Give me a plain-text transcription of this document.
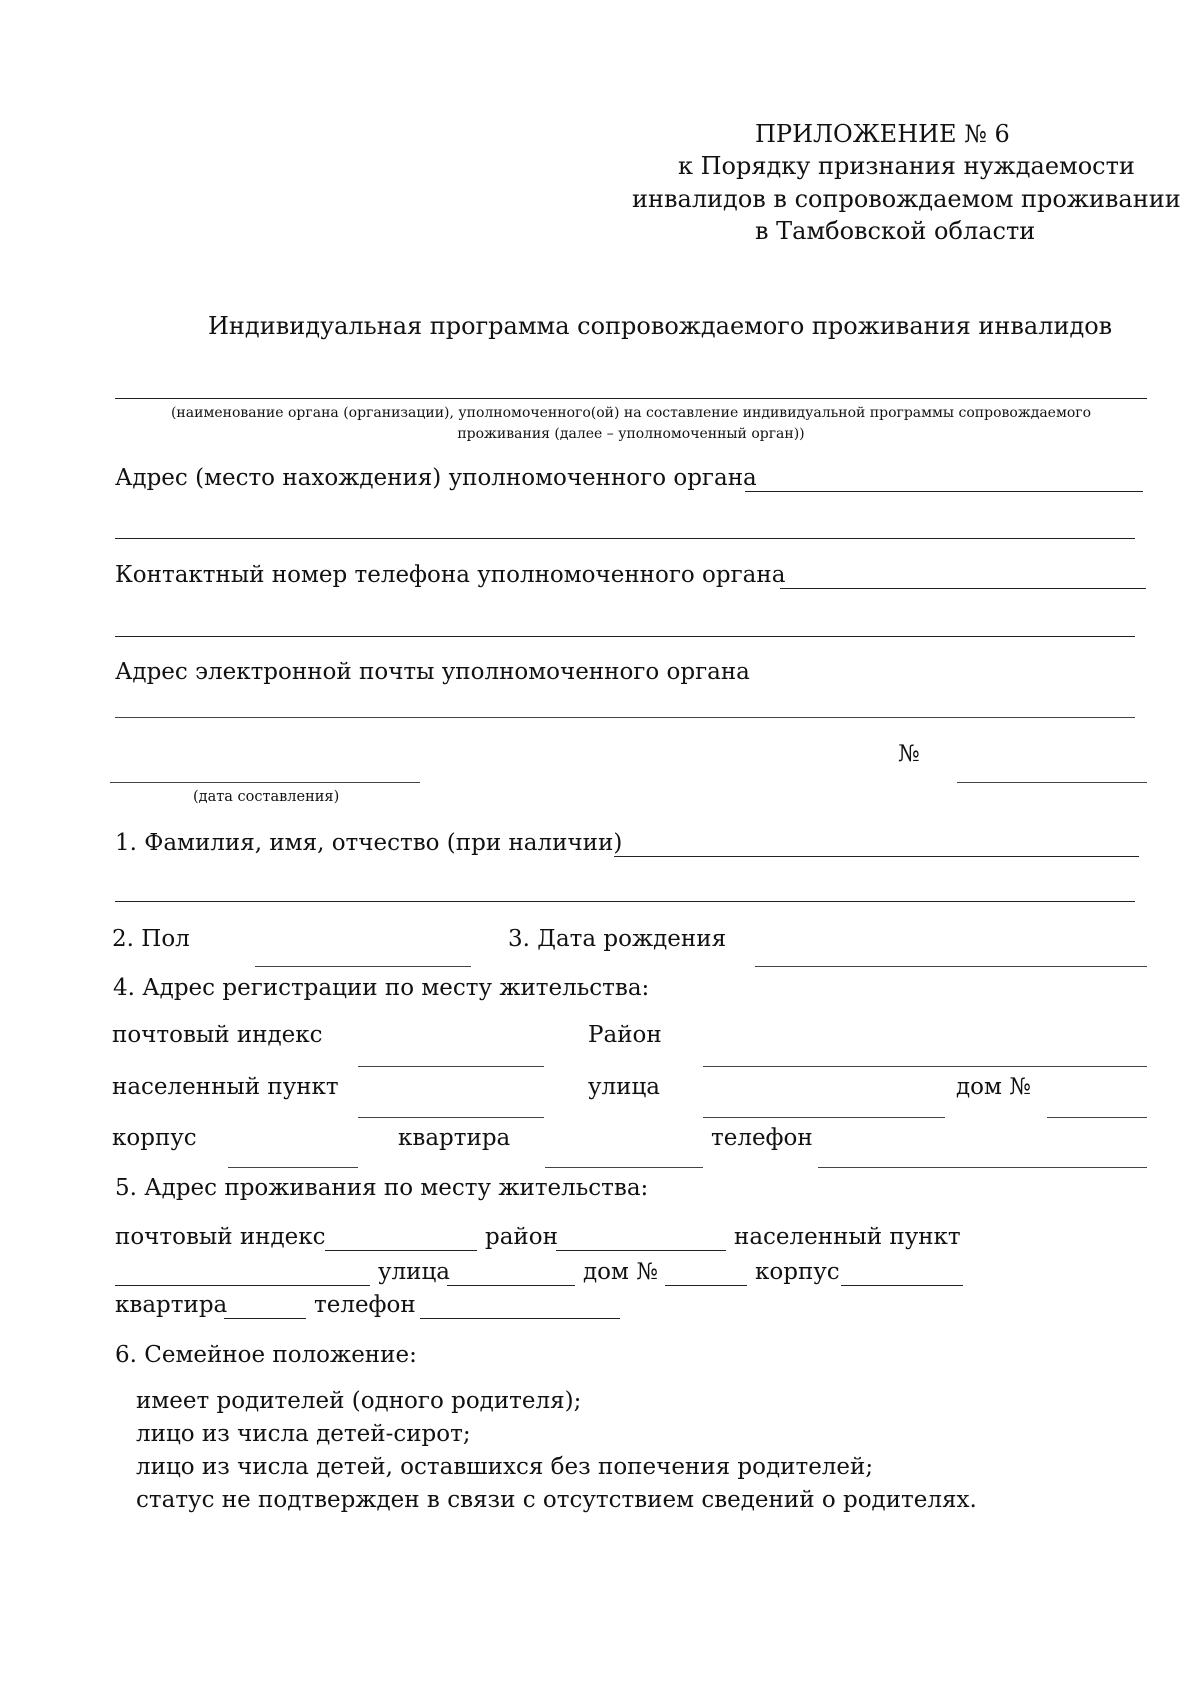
ПРИЛОЖЕНИЕ № 6
к Порядку признания нуждаемости
инвалидов в сопровождаемом проживании
в Тамбовской области
Индивидуальная программа сопровождаемого проживания инвалидов
(наименование органа (организации), уполномоченного(ой) на составление индивидуальной программы сопровождаемого
проживания (далее – уполномоченный орган))
Адрес (место нахождения) уполномоченного органа
Контактный номер телефона уполномоченного органа
Адрес электронной почты уполномоченного органа
№
(дата составления)
1. Фамилия, имя, отчество (при наличии)
2. Пол	3. Дата рождения
4. Адрес регистрации по месту жительства:
почтовый индекс	Район
населенный пункт	улица	дом №
корпус	квартира	телефон
5. Адрес проживания по месту жительства:
почтовый индекс	район	населенный пункт
улица	дом №	корпус
квартира	телефон
6. Семейное положение:
имеет родителей (одного родителя);
лицо из числа детей-сирот;
лицо из числа детей, оставшихся без попечения родителей;
статус не подтвержден в связи с отсутствием сведений о родителях.
